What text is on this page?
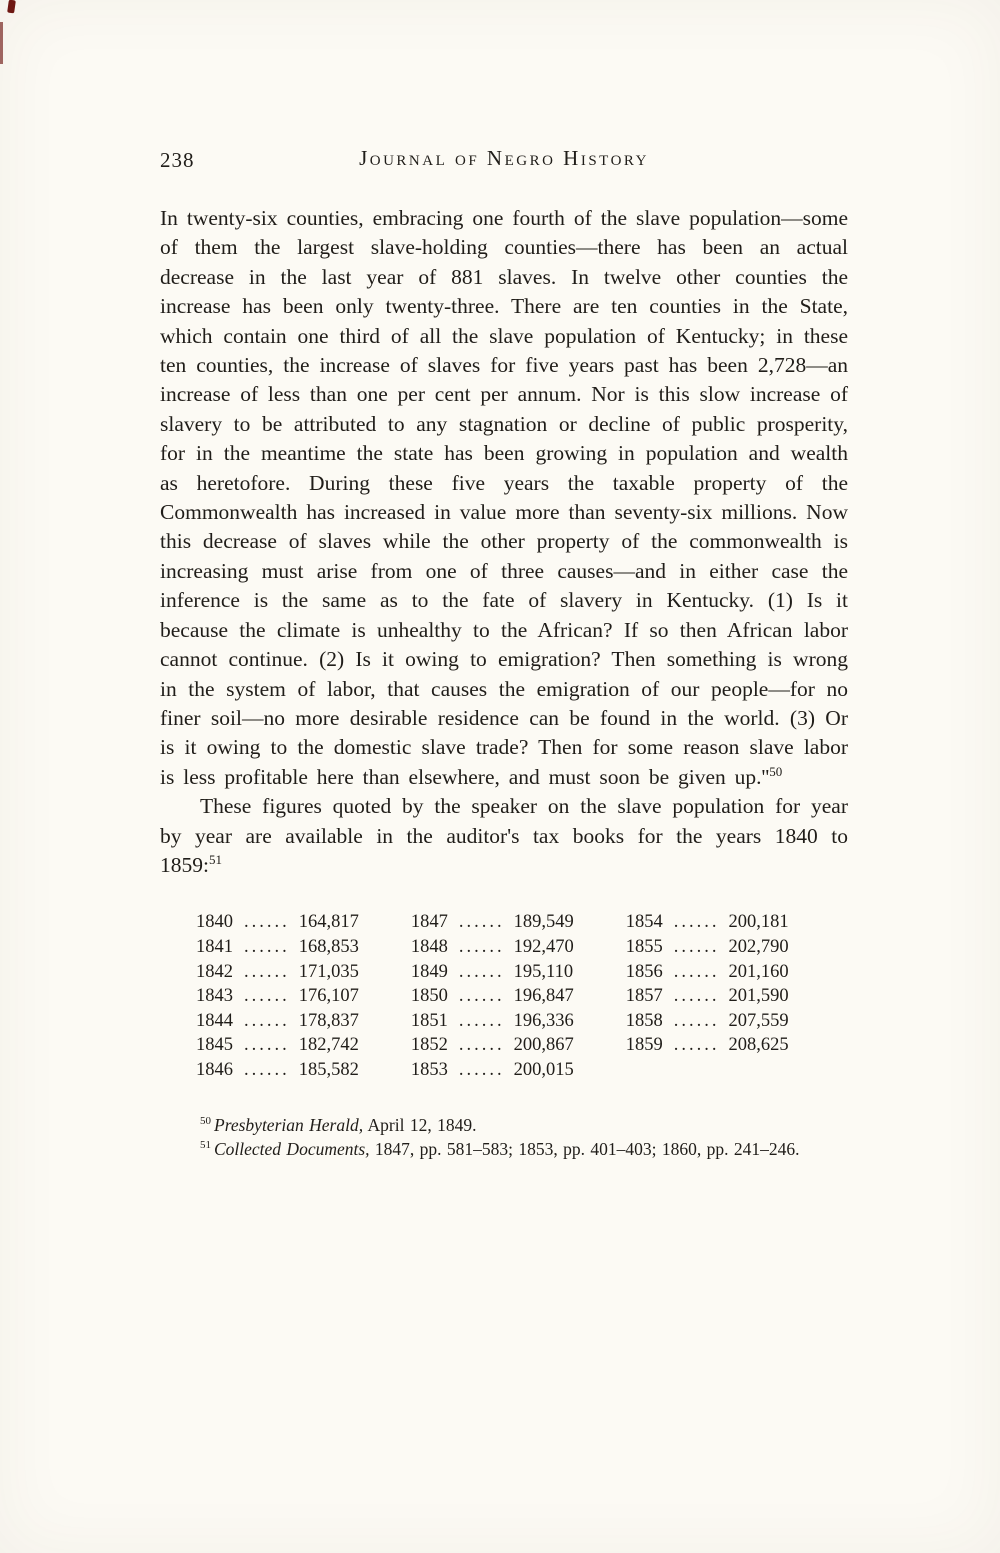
238	Journal of Negro History

In twenty-six counties, embracing one fourth of the slave population—some of them the largest slave-holding counties—there has been an actual decrease in the last year of 881 slaves. In twelve other counties the increase has been only twenty-three. There are ten counties in the State, which contain one third of all the slave population of Kentucky; in these ten counties, the increase of slaves for five years past has been 2,728—an increase of less than one per cent per annum. Nor is this slow increase of slavery to be attributed to any stagnation or decline of public prosperity, for in the meantime the state has been growing in population and wealth as heretofore. During these five years the taxable property of the Commonwealth has increased in value more than seventy-six millions. Now this decrease of slaves while the other property of the commonwealth is increasing must arise from one of three causes—and in either case the inference is the same as to the fate of slavery in Kentucky. (1) Is it because the climate is unhealthy to the African? If so then African labor cannot continue. (2) Is it owing to emigration? Then something is wrong in the system of labor, that causes the emigration of our people—for no finer soil—no more desirable residence can be found in the world. (3) Or is it owing to the domestic slave trade? Then for some reason slave labor is less profitable here than elsewhere, and must soon be given up.''$^{50}$

These figures quoted by the speaker on the slave population for year by year are available in the auditor's tax books for the years 1840 to 1859:$^{51}$

1840 ...... 164,817
1841 ...... 168,853
1842 ...... 171,035
1843 ...... 176,107
1844 ...... 178,837
1845 ...... 182,742
1846 ...... 185,582
1847 ...... 189,549
1848 ...... 192,470
1849 ...... 195,110
1850 ...... 196,847
1851 ...... 196,336
1852 ...... 200,867
1853 ...... 200,015
1854 ...... 200,181
1855 ...... 202,790
1856 ...... 201,160
1857 ...... 201,590
1858 ...... 207,559
1859 ...... 208,625

$^{50}$ Presbyterian Herald, April 12, 1849.

$^{51}$ Collected Documents, 1847, pp. 581–583; 1853, pp. 401–403; 1860, pp. 241–246.
